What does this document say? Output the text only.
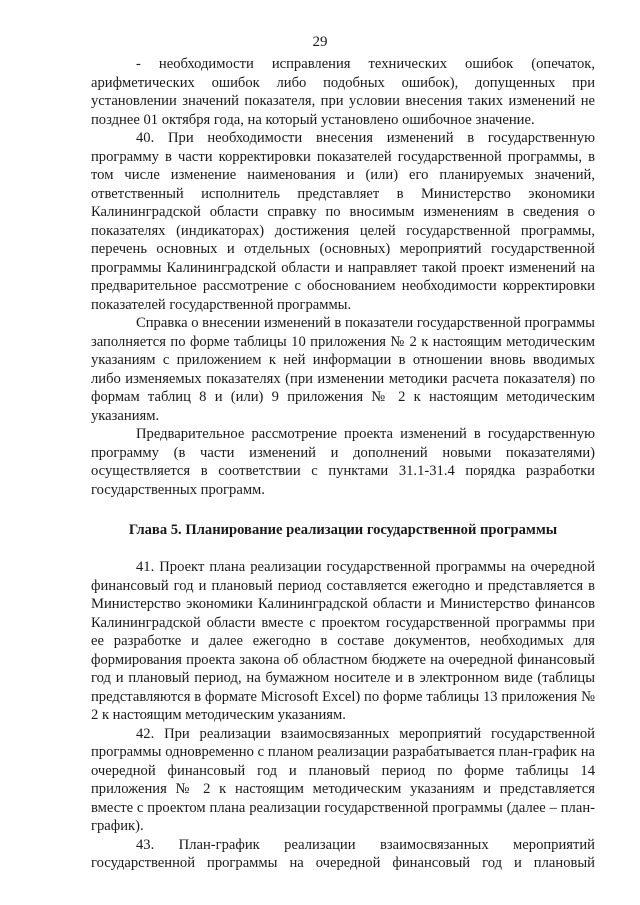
29

- необходимости исправления технических ошибок (опечаток, арифметических ошибок либо подобных ошибок), допущенных при установлении значений показателя, при условии внесения таких изменений не позднее 01 октября года, на который установлено ошибочное значение.

40. При необходимости внесения изменений в государственную программу в части корректировки показателей государственной программы, в том числе изменение наименования и (или) его планируемых значений, ответственный исполнитель представляет в Министерство экономики Калининградской области справку по вносимым изменениям в сведения о показателях (индикаторах) достижения целей государственной программы, перечень основных и отдельных (основных) мероприятий государственной программы Калининградской области и направляет такой проект изменений на предварительное рассмотрение с обоснованием необходимости корректировки показателей государственной программы.

Справка о внесении изменений в показатели государственной программы заполняется по форме таблицы 10 приложения № 2 к настоящим методическим указаниям с приложением к ней информации в отношении вновь вводимых либо изменяемых показателях (при изменении методики расчета показателя) по формам таблиц 8 и (или) 9 приложения № 2 к настоящим методическим указаниям.

Предварительное рассмотрение проекта изменений в государственную программу (в части изменений и дополнений новыми показателями) осуществляется в соответствии с пунктами 31.1-31.4 порядка разработки государственных программ.

Глава 5. Планирование реализации государственной программы

41. Проект плана реализации государственной программы на очередной финансовый год и плановый период составляется ежегодно и представляется в Министерство экономики Калининградской области и Министерство финансов Калининградской области вместе с проектом государственной программы при ее разработке и далее ежегодно в составе документов, необходимых для формирования проекта закона об областном бюджете на очередной финансовый год и плановый период, на бумажном носителе и в электронном виде (таблицы представляются в формате Microsoft Excel) по форме таблицы 13 приложения № 2 к настоящим методическим указаниям.

42. При реализации взаимосвязанных мероприятий государственной программы одновременно с планом реализации разрабатывается план-график на очередной финансовый год и плановый период по форме таблицы 14 приложения № 2 к настоящим методическим указаниям и представляется вместе с проектом плана реализации государственной программы (далее – план-график).

43. План-график реализации взаимосвязанных мероприятий государственной программы на очередной финансовый год и плановый
